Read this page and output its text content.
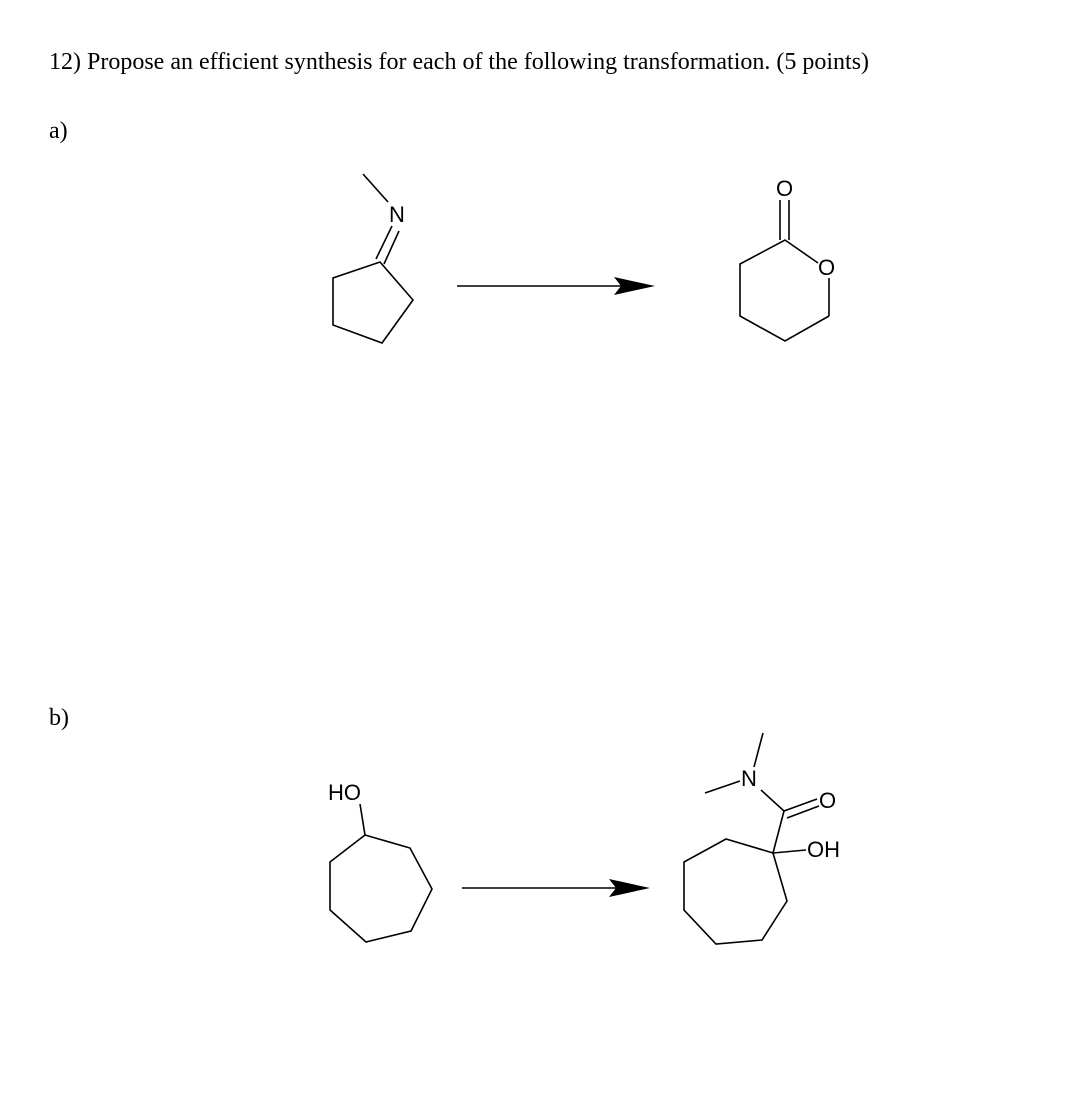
12) Propose an efficient synthesis for each of the following transformation. (5 points)
a)
b)
N
O
O
HO
N
O
OH
